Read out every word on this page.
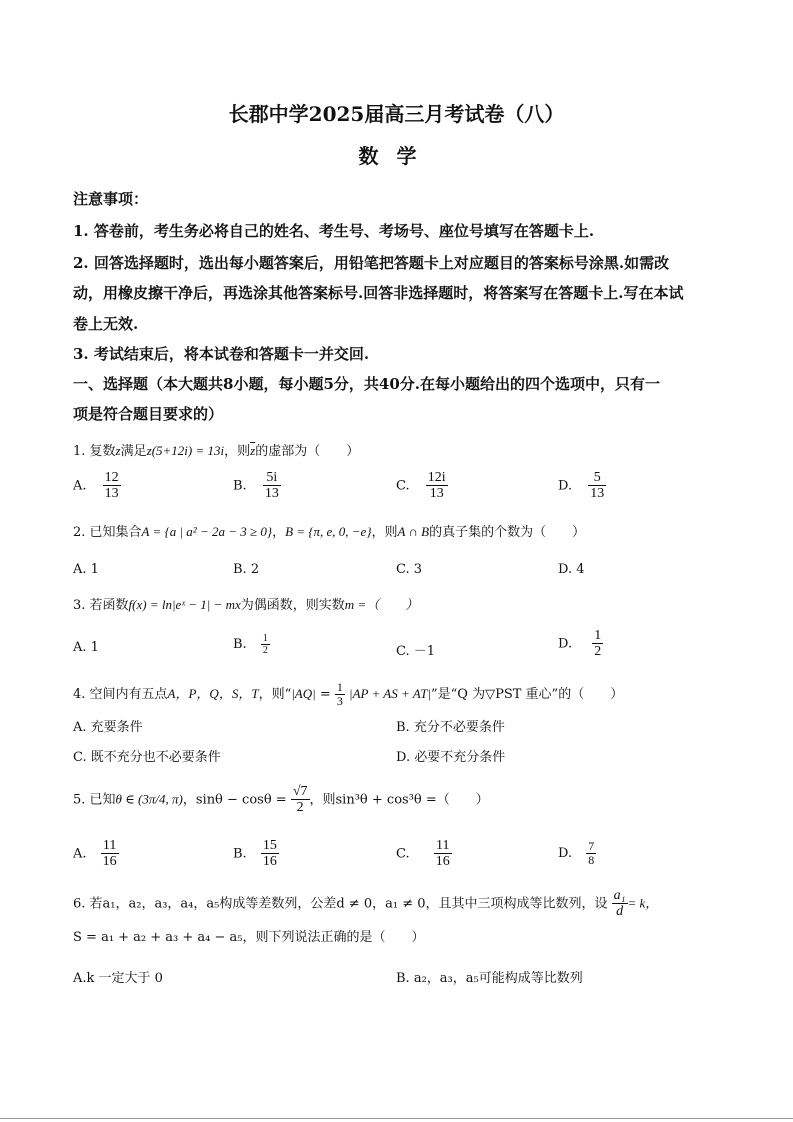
长郡中学2025届高三月考试卷（八）
数学
注意事项：
1. 答卷前，考生务必将自己的姓名、考生号、考场号、座位号填写在答题卡上.
2. 回答选择题时，选出每小题答案后，用铅笔把答题卡上对应题目的答案标号涂黑.如需改
动，用橡皮擦干净后，再选涂其他答案标号.回答非选择题时，将答案写在答题卡上.写在本试
卷上无效.
3. 考试结束后，将本试卷和答题卡一并交回.
一、选择题（本大题共8小题，每小题5分，共40分.在每小题给出的四个选项中，只有一
项是符合题目要求的）
1. 复数z满足z(5+12i) = 13i，则$\overline{z}$的虚部为（　　）
A. $\frac{12}{13}$	B. $\frac{5i}{13}$	C. $\frac{12i}{13}$	D. $\frac{5}{13}$
2. 已知集合A = {a | a² − 2a − 3 ≥ 0}，B = {π, e, 0, −e}，则A ∩ B的真子集的个数为（　　）
A. 1	B. 2	C. 3	D. 4
3. 若函数f(x) = ln|eˣ − 1| − mx为偶函数，则实数m =（　　）
A. 1	B. $\frac{1}{2}$	C. －1
D. $\frac{1}{2}$
4. 空间内有五点A，P，Q，S，T，则“$|AQ| = \frac{1}{3} |AP$ + AS + AT|”是“Q 为▽PST 重心”的（　　）
A. 充要条件	B. 充分不必要条件
C. 既不充分也不必要条件	D. 必要不充分条件
5. 已知θ ∈ (3π/4, π)，$\sin\theta - \cos\theta = \frac{√7}{2}$ ，则sin³θ + cos³θ =（　　）
A. $\frac{11}{16}$	B. $\frac{15}{16}$	C. $\frac{11}{16}$	D. $\frac{7}{8}$
6. 若a₁，a₂，a₃，a₄，a₅构成等差数列，公差d ≠ 0，a₁ ≠ 0，且其中三项构成等比数列，设 $\frac{\text{a₁}}{d} = k$，
S = a₁ + a₂ + a₃ + a₄ − a₅，则下列说法正确的是（　　）
A.k 一定大于 0	B. a₂，a₃，a₅可能构成等比数列
